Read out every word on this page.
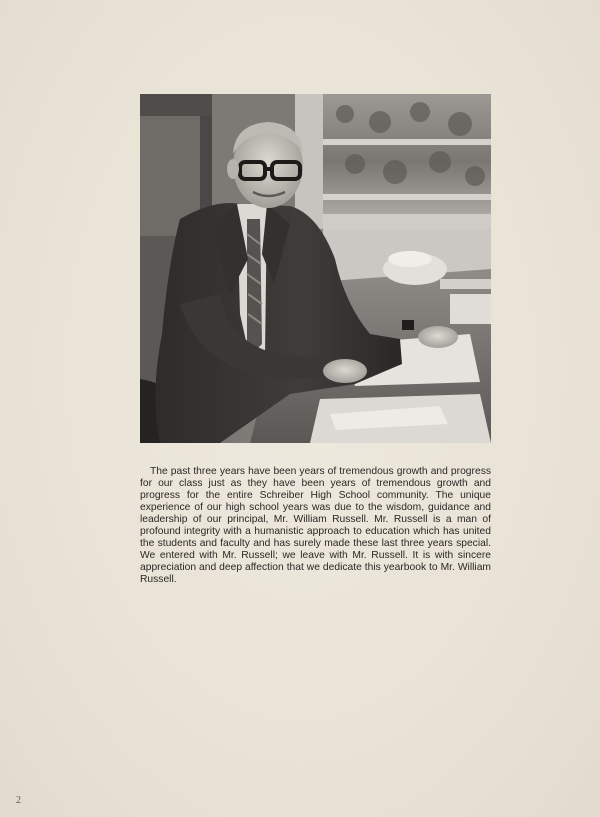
The past three years have been years of tremendous growth and progress for our class just as they have been years of tremendous growth and progress for the entire Schreiber High School community. The unique experience of our high school years was due to the wisdom, guidance and leadership of our principal, Mr. William Russell. Mr. Russell is a man of profound integrity with a humanistic approach to education which has united the students and faculty and has surely made these last three years special. We entered with Mr. Russell; we leave with Mr. Russell. It is with sincere appreciation and deep affection that we dedicate this yearbook to Mr. William Russell.

2
